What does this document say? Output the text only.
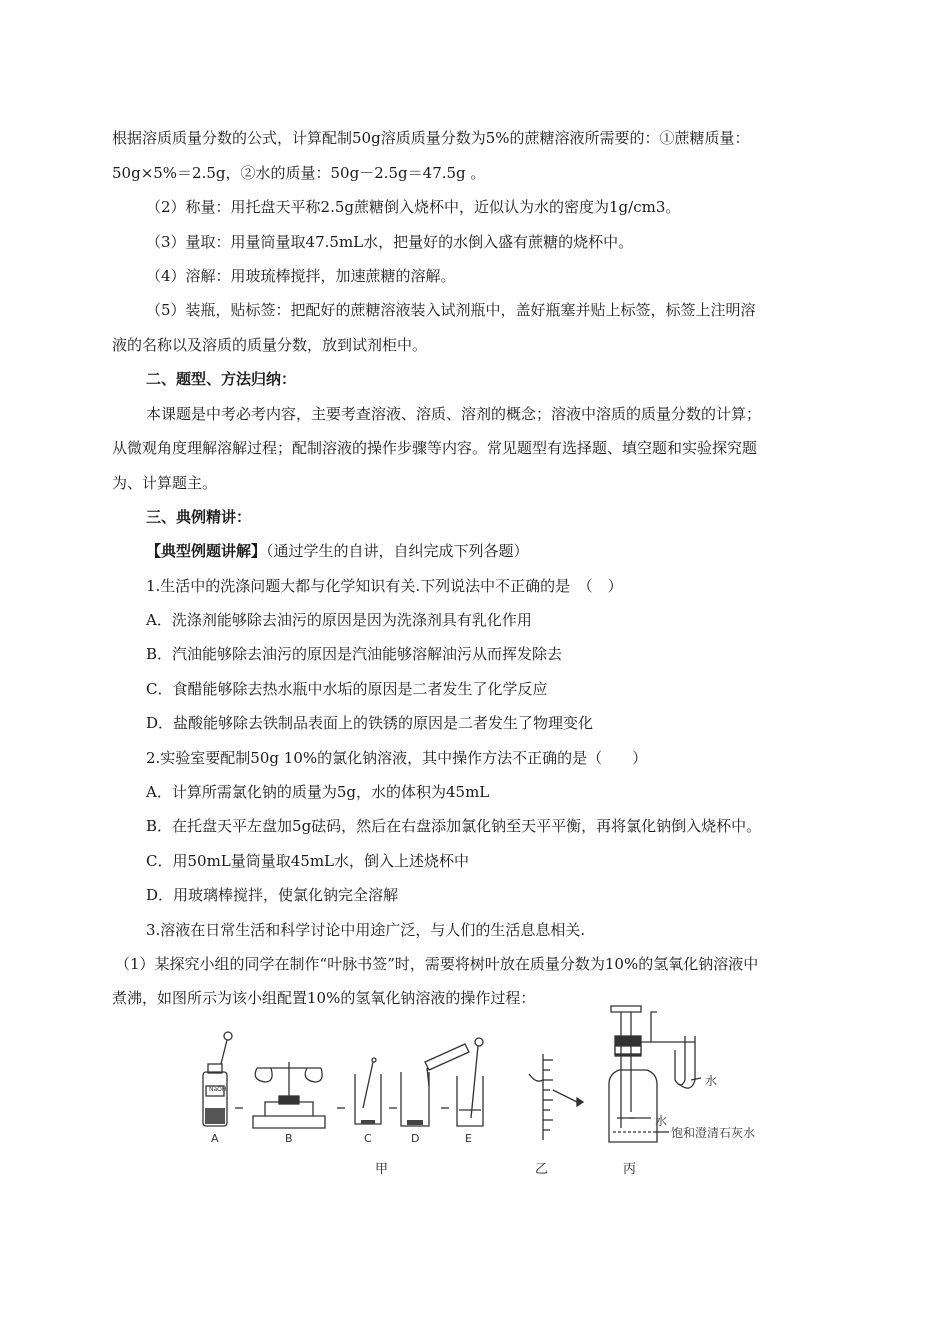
根据溶质质量分数的公式，计算配制50g溶质质量分数为5%的蔗糖溶液所需要的：①蔗糖质量：
50g×5%＝2.5g，②水的质量：50g－2.5g＝47.5g 。
（2）称量：用托盘天平称2.5g蔗糖倒入烧杯中，近似认为水的密度为1g/cm3。
（3）量取：用量筒量取47.5mL水，把量好的水倒入盛有蔗糖的烧杯中。
（4）溶解：用玻琉棒搅拌，加速蔗糖的溶解。
（5）装瓶，贴标签：把配好的蔗糖溶液装入试剂瓶中，盖好瓶塞并贴上标签，标签上注明溶
液的名称以及溶质的质量分数，放到试剂柜中。
二、题型、方法归纳：
本课题是中考必考内容，主要考查溶液、溶质、溶剂的概念；溶液中溶质的质量分数的计算；
从微观角度理解溶解过程；配制溶液的操作步骤等内容。常见题型有选择题、填空题和实验探究题
为、计算题主。
三、典例精讲：
【典型例题讲解】（通过学生的自讲，自纠完成下列各题）
1.生活中的洗涤问题大都与化学知识有关.下列说法中不正确的是　（　）
A．洗涤剂能够除去油污的原因是因为洗涤剂具有乳化作用
B．汽油能够除去油污的原因是汽油能够溶解油污从而挥发除去
C．食醋能够除去热水瓶中水垢的原因是二者发生了化学反应
D．盐酸能够除去铁制品表面上的铁锈的原因是二者发生了物理变化
2.实验室要配制50g 10%的氯化钠溶液，其中操作方法不正确的是（　　）
A．计算所需氯化钠的质量为5g，水的体积为45mL
B．在托盘天平左盘加5g砝码，然后在右盘添加氯化钠至天平平衡，再将氯化钠倒入烧杯中。
C．用50mL量筒量取45mL水，倒入上述烧杯中
D．用玻璃棒搅拌，使氯化钠完全溶解
3.溶液在日常生活和科学讨论中用途广泛，与人们的生活息息相关.
（1）某探究小组的同学在制作“叶脉书签”时，需要将树叶放在质量分数为10%的氢氧化钠溶液中
煮沸，如图所示为该小组配置10%的氢氧化钠溶液的操作过程：
NaOH
A	B	C	D	E
水
水
饱和澄清石灰水
甲	乙	丙
